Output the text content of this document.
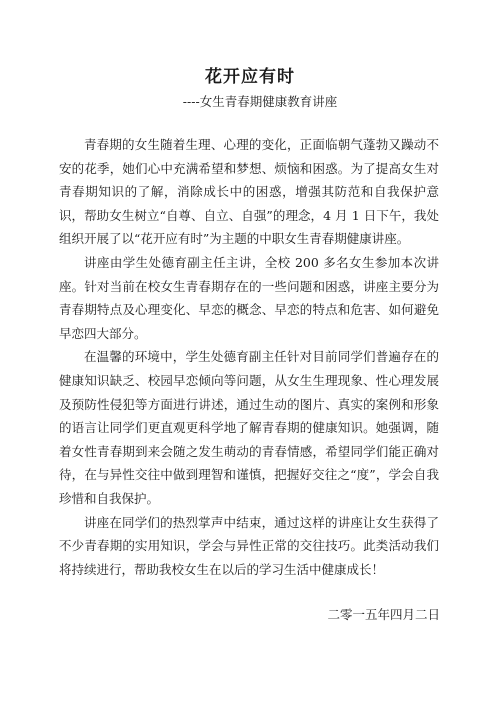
花开应有时
----女生青春期健康教育讲座

青春期的女生随着生理、心理的变化，正面临朝气蓬勃又躁动不安的花季，她们心中充满希望和梦想、烦恼和困惑。为了提高女生对青春期知识的了解，消除成长中的困惑，增强其防范和自我保护意识，帮助女生树立“自尊、自立、自强”的理念，4 月 1 日下午，我处组织开展了以“花开应有时”为主题的中职女生青春期健康讲座。

讲座由学生处德育副主任主讲，全校 200 多名女生参加本次讲座。针对当前在校女生青春期存在的一些问题和困惑，讲座主要分为青春期特点及心理变化、早恋的概念、早恋的特点和危害、如何避免早恋四大部分。

在温馨的环境中，学生处德育副主任针对目前同学们普遍存在的健康知识缺乏、校园早恋倾向等问题，从女生生理现象、性心理发展及预防性侵犯等方面进行讲述，通过生动的图片、真实的案例和形象的语言让同学们更直观更科学地了解青春期的健康知识。她强调，随着女性青春期到来会随之发生萌动的青春情感，希望同学们能正确对待，在与异性交往中做到理智和谨慎，把握好交往之“度”，学会自我珍惜和自我保护。

讲座在同学们的热烈掌声中结束，通过这样的讲座让女生获得了不少青春期的实用知识，学会与异性正常的交往技巧。此类活动我们将持续进行，帮助我校女生在以后的学习生活中健康成长！

二零一五年四月二日
